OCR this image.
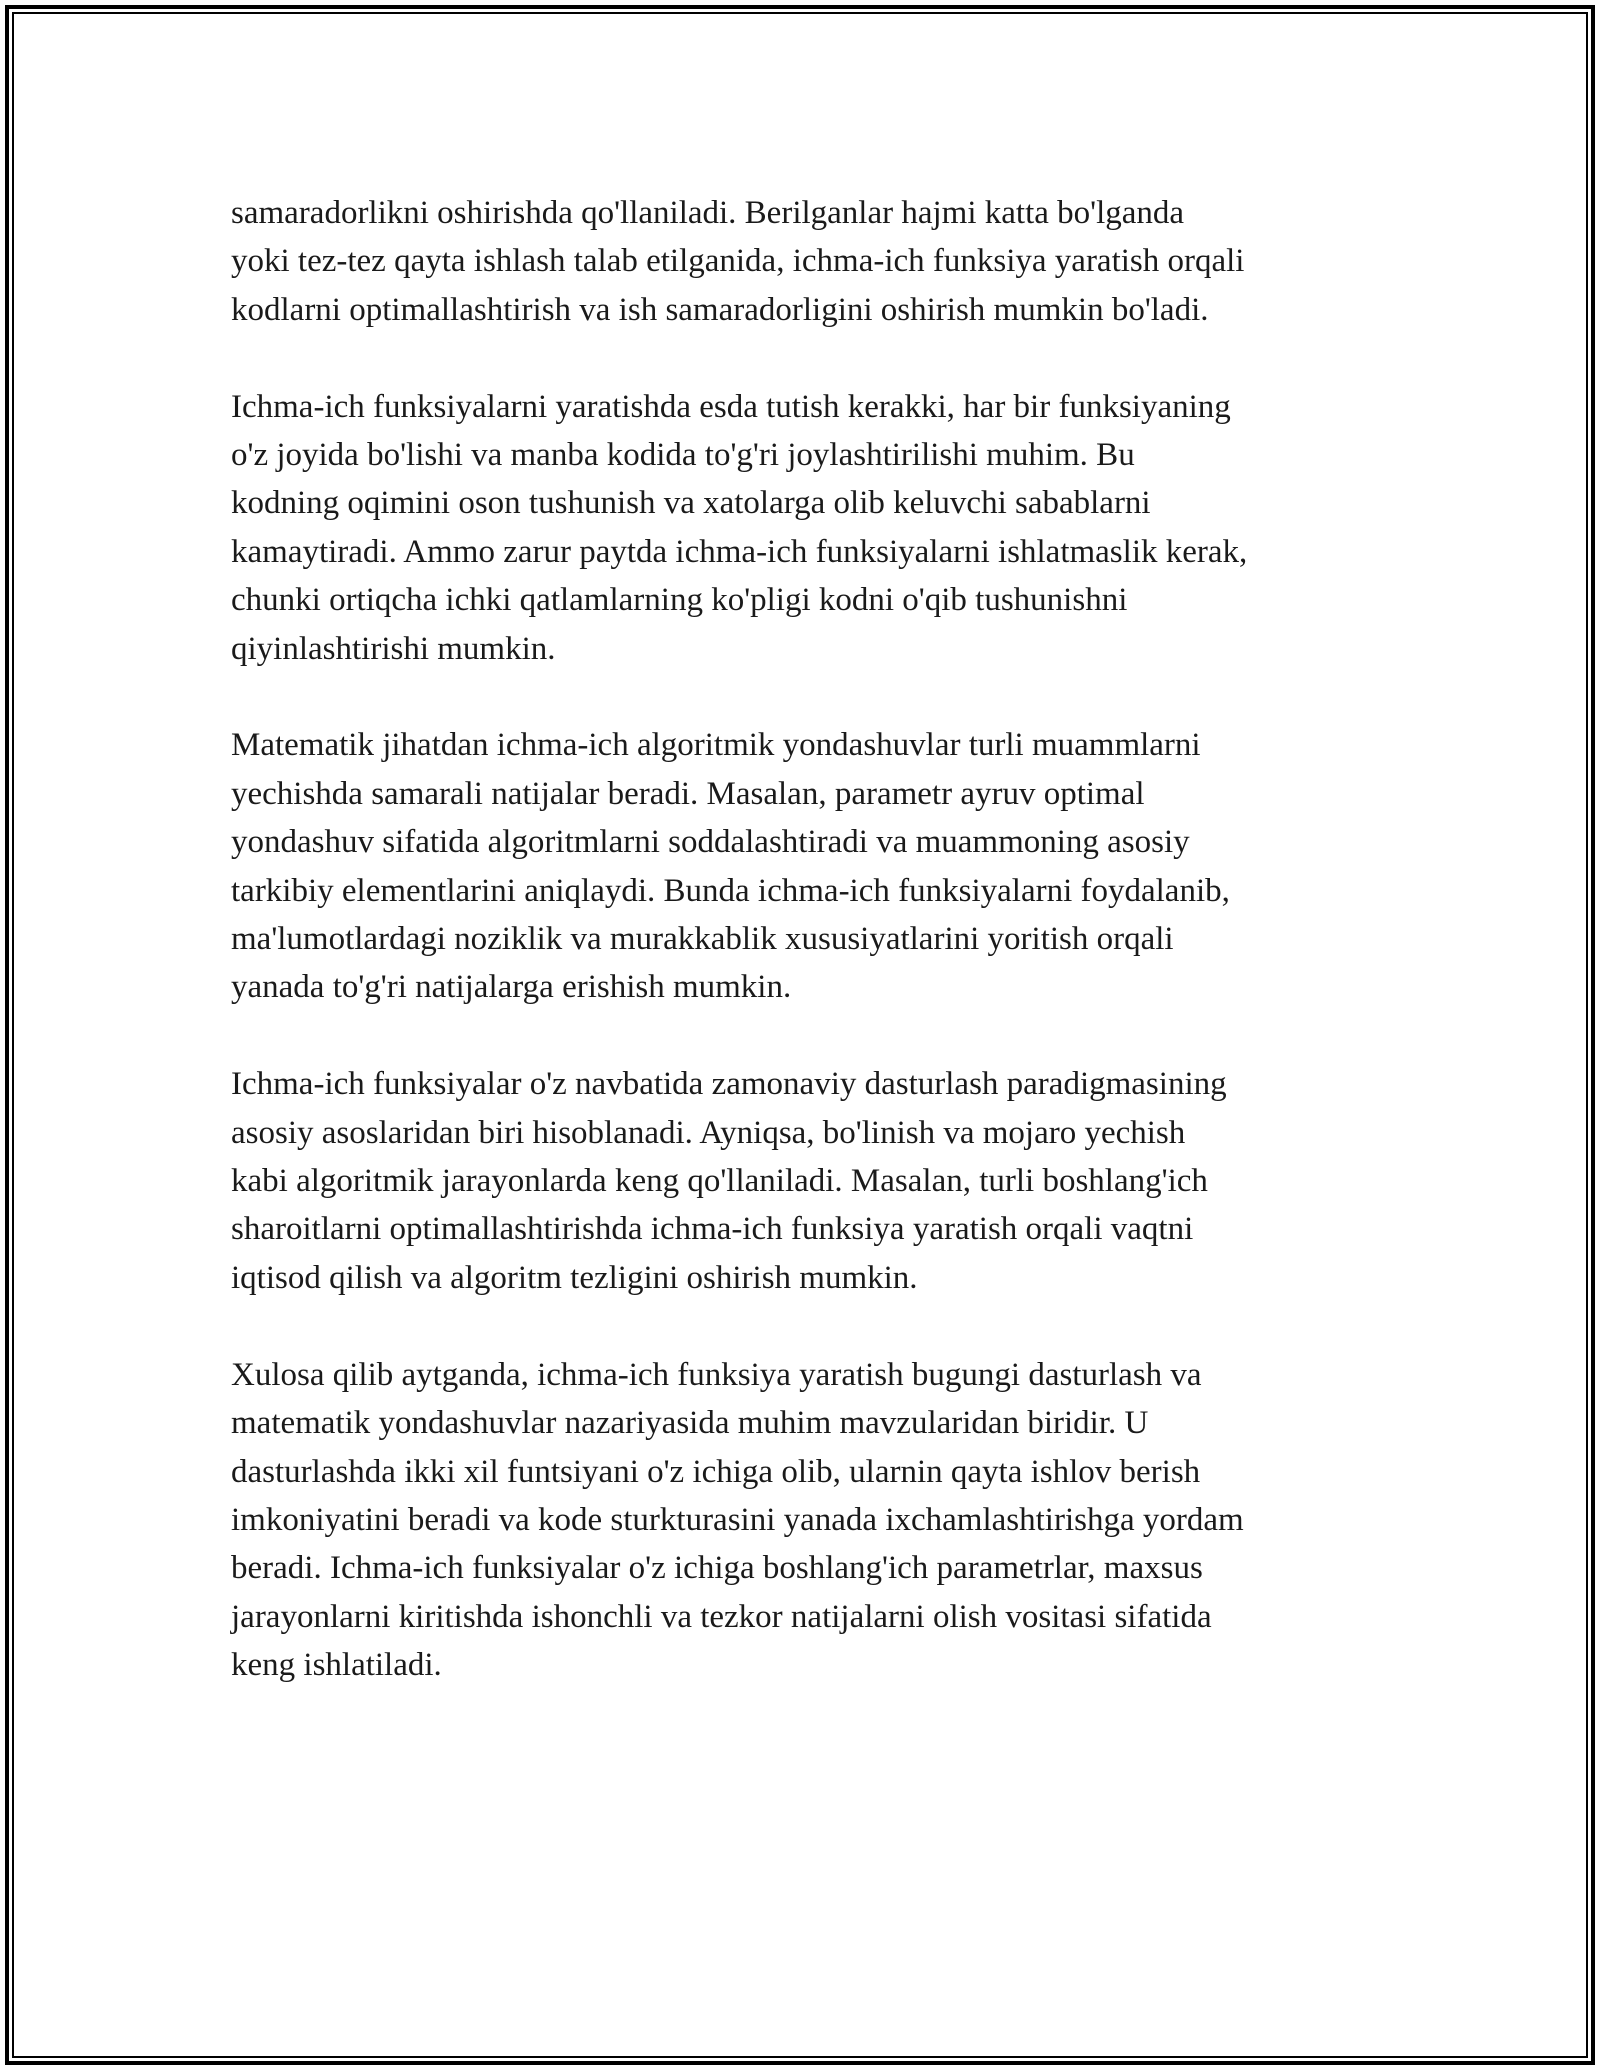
samaradorlikni oshirishda qo'llaniladi. Berilganlar hajmi katta bo'lganda
yoki tez-tez qayta ishlash talab etilganida, ichma-ich funksiya yaratish orqali
kodlarni optimallashtirish va ish samaradorligini oshirish mumkin bo'ladi.
Ichma-ich funksiyalarni yaratishda esda tutish kerakki, har bir funksiyaning
o'z joyida bo'lishi va manba kodida to'g'ri joylashtirilishi muhim. Bu
kodning oqimini oson tushunish va xatolarga olib keluvchi sabablarni
kamaytiradi. Ammo zarur paytda ichma-ich funksiyalarni ishlatmaslik kerak,
chunki ortiqcha ichki qatlamlarning ko'pligi kodni o'qib tushunishni
qiyinlashtirishi mumkin.
Matematik jihatdan ichma-ich algoritmik yondashuvlar turli muammlarni
yechishda samarali natijalar beradi. Masalan, parametr ayruv optimal
yondashuv sifatida algoritmlarni soddalashtiradi va muammoning asosiy
tarkibiy elementlarini aniqlaydi. Bunda ichma-ich funksiyalarni foydalanib,
ma'lumotlardagi noziklik va murakkablik xususiyatlarini yoritish orqali
yanada to'g'ri natijalarga erishish mumkin.
Ichma-ich funksiyalar o'z navbatida zamonaviy dasturlash paradigmasining
asosiy asoslaridan biri hisoblanadi. Ayniqsa, bo'linish va mojaro yechish
kabi algoritmik jarayonlarda keng qo'llaniladi. Masalan, turli boshlang'ich
sharoitlarni optimallashtirishda ichma-ich funksiya yaratish orqali vaqtni
iqtisod qilish va algoritm tezligini oshirish mumkin.
Xulosa qilib aytganda, ichma-ich funksiya yaratish bugungi dasturlash va
matematik yondashuvlar nazariyasida muhim mavzularidan biridir. U
dasturlashda ikki xil funtsiyani o'z ichiga olib, ularnin qayta ishlov berish
imkoniyatini beradi va kode sturkturasini yanada ixchamlashtirishga yordam
beradi. Ichma-ich funksiyalar o'z ichiga boshlang'ich parametrlar, maxsus
jarayonlarni kiritishda ishonchli va tezkor natijalarni olish vositasi sifatida
keng ishlatiladi.
